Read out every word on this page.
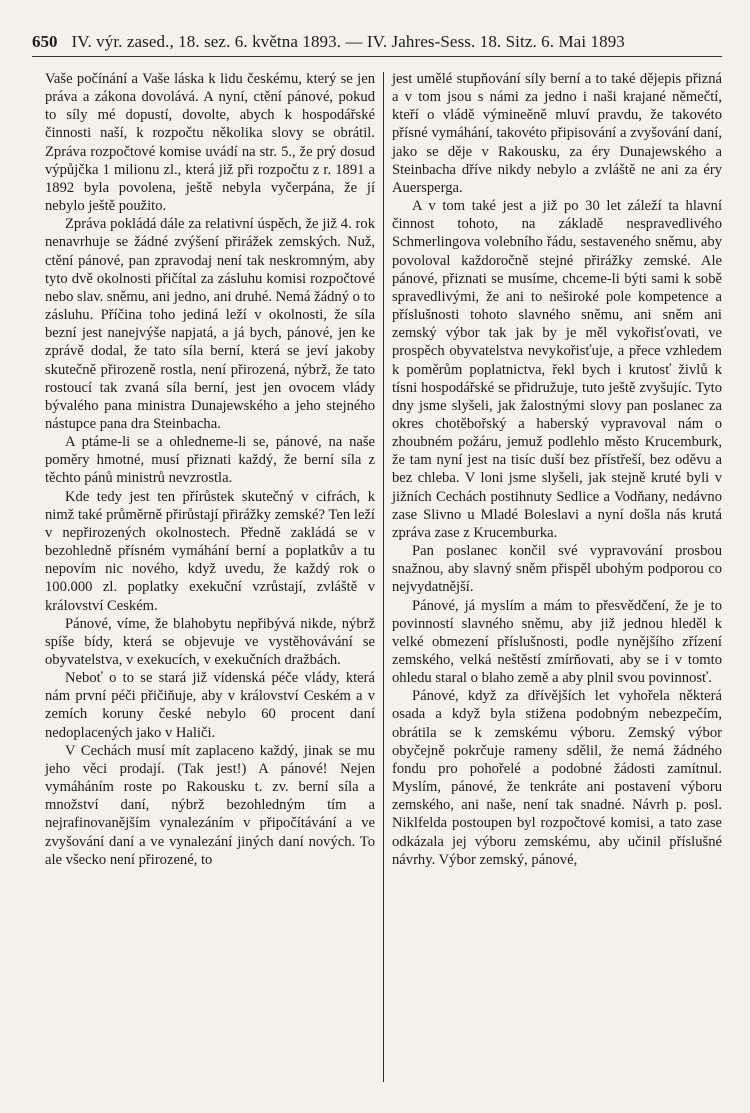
650 IV. výr. zased., 18. sez. 6. května 1893. — IV. Jahres-Sess. 18. Sitz. 6. Mai 1893

Vaše počínání a Vaše láska k lidu českému, který se jen práva a zákona dovolává. A nyní, ctění pánové, pokud to síly mé dopustí, dovolte, abych k hospodářské činnosti naší, k rozpočtu několika slovy se obrátil. Zpráva rozpočtové komise uvádí na str. 5., že prý dosud výpůjčka 1 milionu zl., která již při rozpočtu z r. 1891 a 1892 byla povolena, ještě nebyla vyčerpána, že jí nebylo ještě použito.

Zpráva pokládá dále za relativní úspěch, že již 4. rok nenavrhuje se žádné zvýšení přirážek zemských. Nuž, ctění pánové, pan zpravodaj není tak neskromným, aby tyto dvě okolnosti přičítal za zásluhu komisi rozpočtové nebo slav. sněmu, ani jedno, ani druhé. Nemá žádný o to zásluhu. Příčina toho jediná leží v okolnosti, že síla bezní jest nanejvýše napjatá, a já bych, pánové, jen ke zprávě dodal, že tato síla berní, která se jeví jakoby skutečně přirozeně rostla, není přirozená, nýbrž, že tato rostoucí tak zvaná síla berní, jest jen ovocem vlády bývalého pana ministra Dunajewského a jeho stejného nástupce pana dra Steinbacha.

A ptáme-li se a ohledneme-li se, pánové, na naše poměry hmotné, musí přiznati každý, že berní síla z těchto pánů ministrů nevzrostla.

Kde tedy jest ten přírůstek skutečný v cifrách, k nimž také průměrně přirůstají přirážky zemské? Ten leží v nepřirozených okolnostech. Předně zakládá se v bezohledně přísném vymáhání berní a poplatkův a tu nepovím nic nového, když uvedu, že každý rok o 100.000 zl. poplatky exekuční vzrůstají, zvláště v království Ceském.

Pánové, víme, že blahobytu nepřibývá nikde, nýbrž spíše bídy, která se objevuje ve vystěhovávání se obyvatelstva, v exekucích, v exekučních dražbách.

Neboť o to se stará již vídenská péče vlády, která nám první péči přičiňuje, aby v království Ceském a v zemích koruny české nebylo 60 procent daní nedoplacených jako v Haliči.

V Cechách musí mít zaplaceno každý, jinak se mu jeho věci prodají. (Tak jest!) A pánové! Nejen vymáháním roste po Rakousku t. zv. berní síla a množství daní, nýbrž bezohledným tím a nejrafinovanějším vynalezáním v připočítávání a ve zvyšování daní a ve vynalezání jiných daní nových. To ale všecko není přirozené, to

jest umělé stupňování síly berní a to také dějepis přizná a v tom jsou s námi za jedno i naši krajané němečtí, kteří o vládě výmineěně mluví pravdu, že takovéto přísné vymáhání, takovéto připisování a zvyšování daní, jako se děje v Rakousku, za éry Dunajewského a Steinbacha dříve nikdy nebylo a zvláště ne ani za éry Auersperga.

A v tom také jest a již po 30 let záleží ta hlavní činnost tohoto, na základě nespravedlivého Schmerlingova volebního řádu, sestaveného sněmu, aby povoloval každoročně stejné přirážky zemské. Ale pánové, přiznati se musíme, chceme-li býti sami k sobě spravedlivými, že ani to neširoké pole kompetence a příslušnosti tohoto slavného sněmu, ani sněm ani zemský výbor tak jak by je měl vykořisťovati, ve prospěch obyvatelstva nevykořisťuje, a přece vzhledem k poměrům poplatnictva, řekl bych i krutosť živlů k tísni hospodářské se přidružuje, tuto ještě zvyšujíc. Tyto dny jsme slyšeli, jak žalostnými slovy pan poslanec za okres chotěbořský a haberský vypravoval nám o zhoubném požáru, jemuž podlehlo město Krucemburk, že tam nyní jest na tisíc duší bez přístřeší, bez oděvu a bez chleba. V loni jsme slyšeli, jak stejně kruté byli v jižních Cechách postihnuty Sedlice a Vodňany, nedávno zase Slivno u Mladé Boleslavi a nyní došla nás krutá zpráva zase z Krucemburka.

Pan poslanec končil své vypravování prosbou snažnou, aby slavný sněm přispěl ubohým podporou co nejvydatnější.

Pánové, já myslím a mám to přesvědčení, že je to povinností slavného sněmu, aby již jednou hleděl k velké obmezení příslušnosti, podle nynějšího zřízení zemského, velká neštěstí zmírňovati, aby se i v tomto ohledu staral o blaho země a aby plnil svou povinnosť.

Pánové, když za dřívějších let vyhořela některá osada a když byla stižena podobným nebezpečím, obrátila se k zemskému výboru. Zemský výbor obyčejně pokrčuje rameny sdělil, že nemá žádného fondu pro pohořelé a podobné žádosti zamítnul. Myslím, pánové, že tenkráte ani postavení výboru zemského, ani naše, není tak snadné. Návrh p. posl. Niklfelda postoupen byl rozpočtové komisi, a tato zase odkázala jej výboru zemskému, aby učinil příslušné návrhy. Výbor zemský, pánové,
